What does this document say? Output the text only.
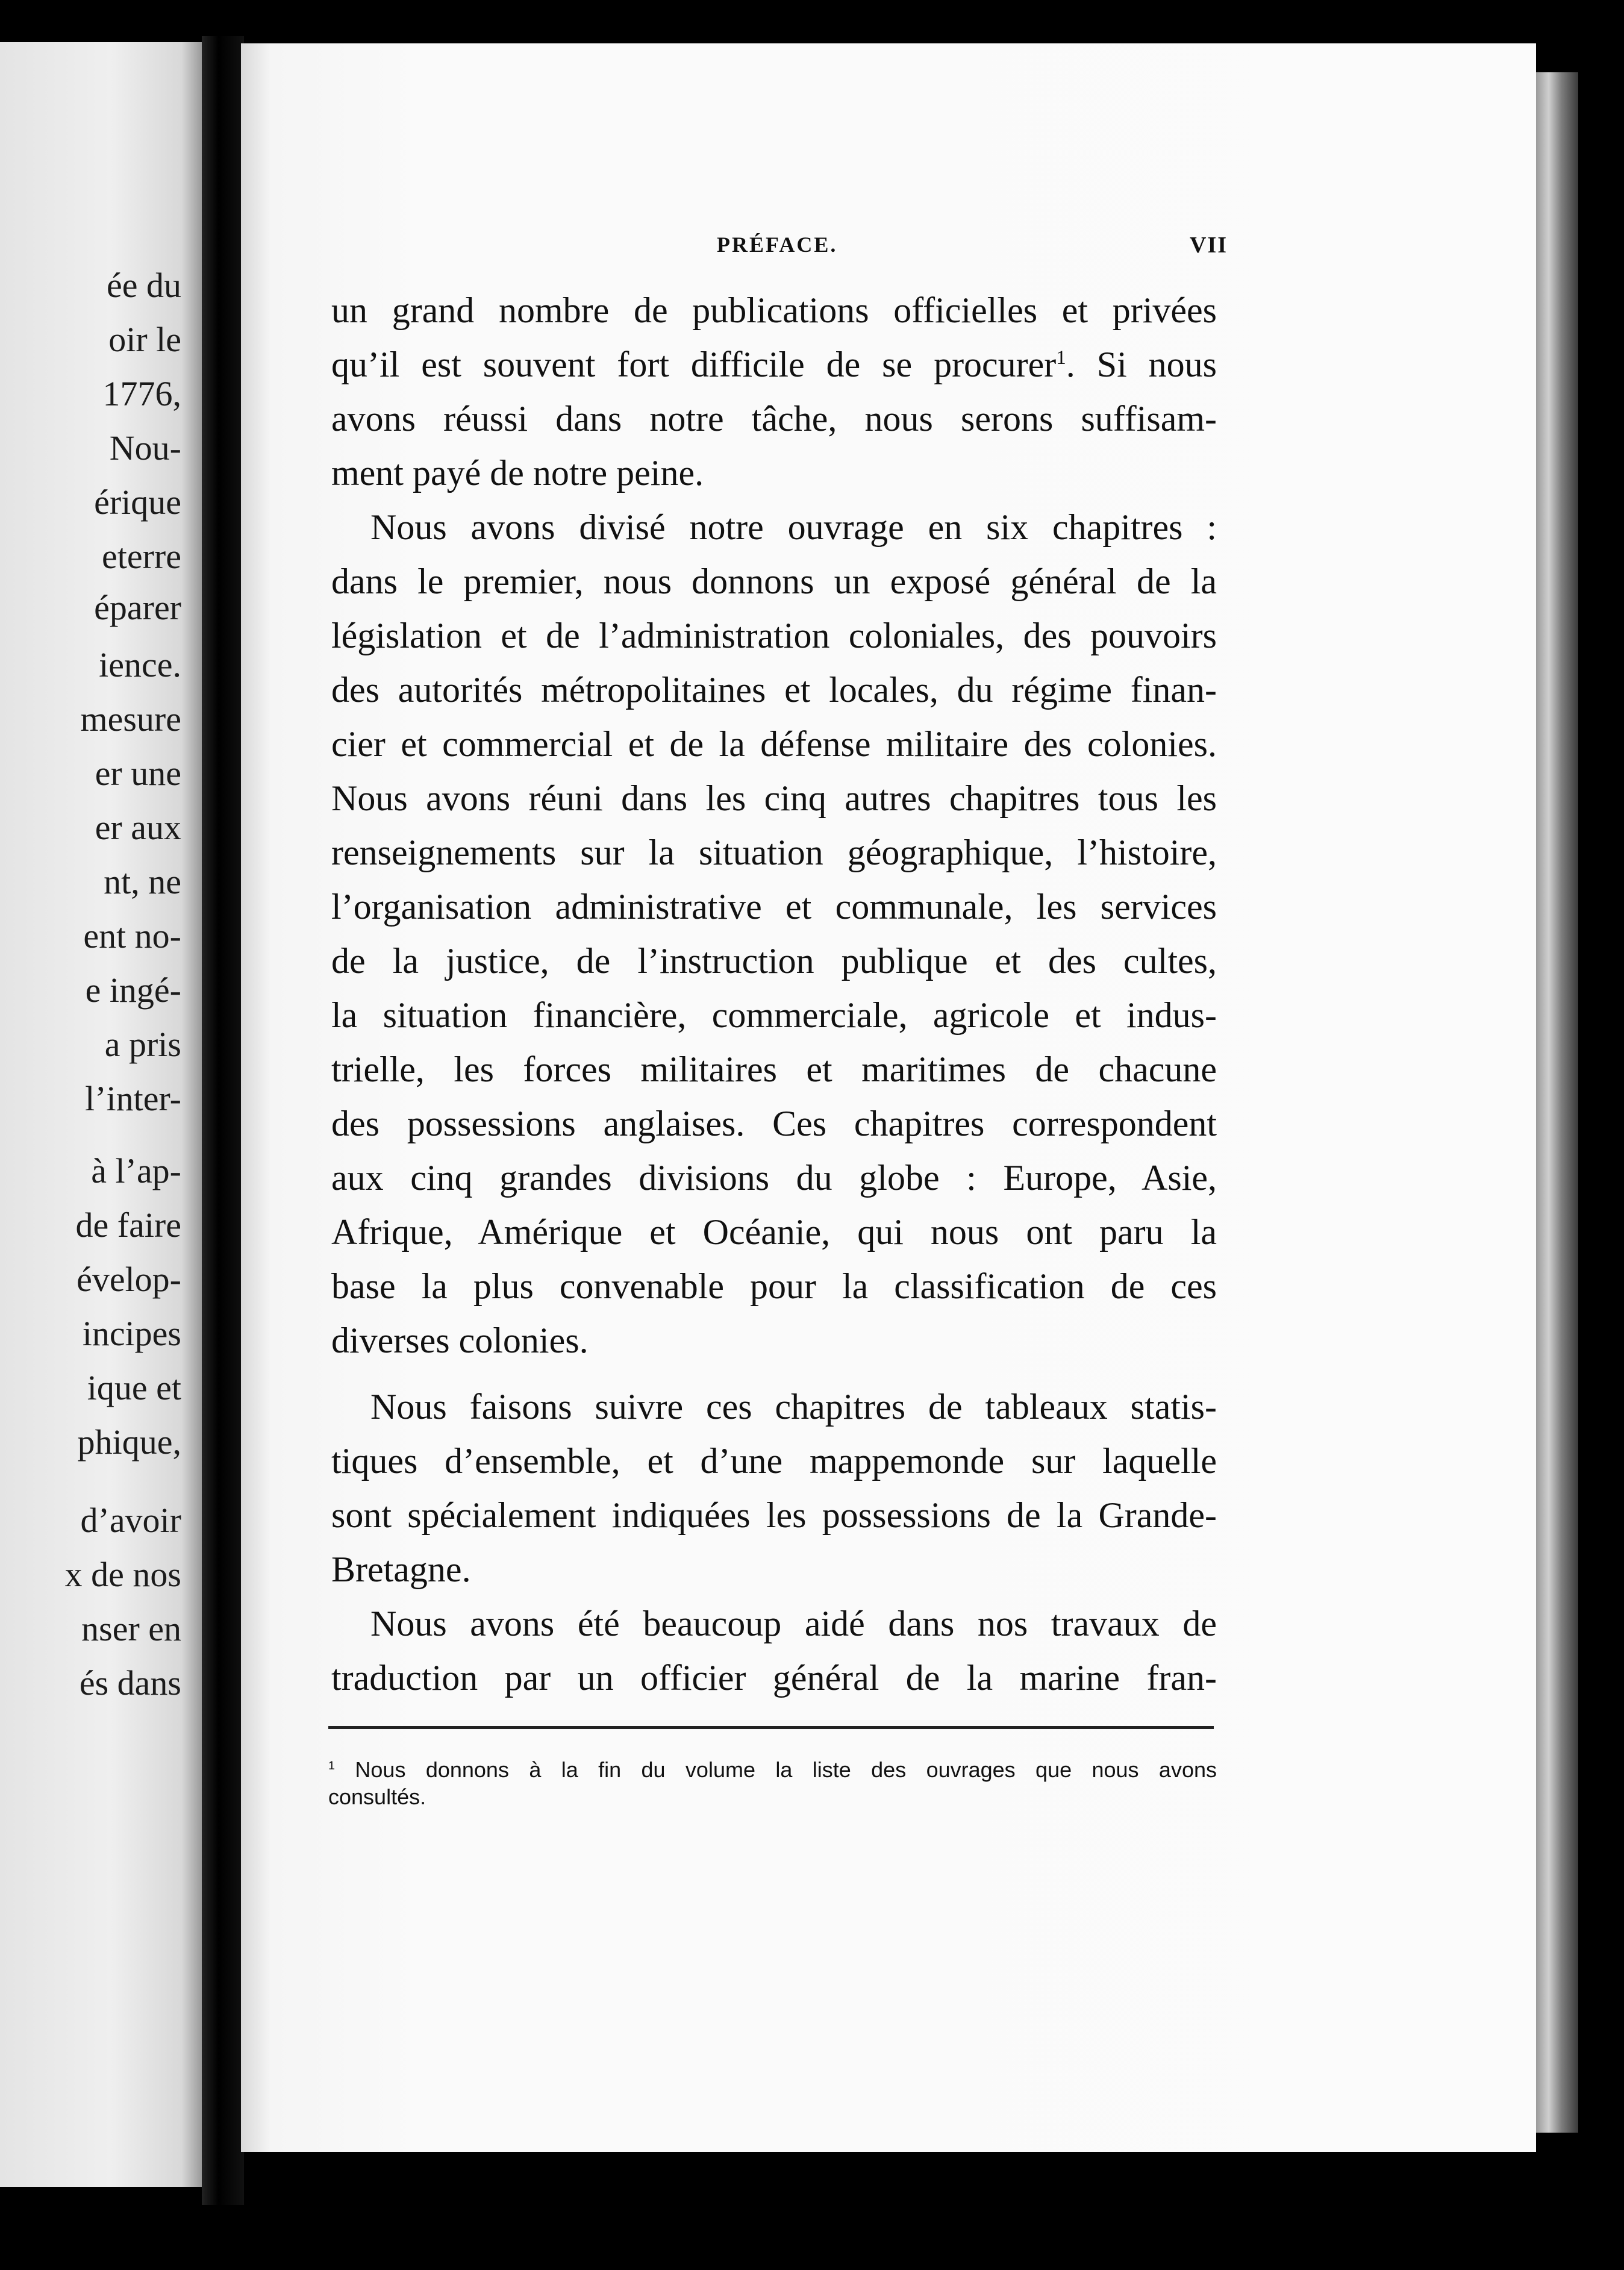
ée du
oir le
1776,
Nou-
érique
eterre
éparer
ience.
mesure
er une
er aux
nt, ne
ent no-
e ingé-
a pris
l’inter-
à l’ap-
de faire
évelop-
incipes
ique et
phique,
d’avoir
x de nos
nser en
és dans
PRÉFACE.	VII
un grand nombre de publications officielles et privées
qu’il est souvent fort difficile de se procurer$^1$. Si nous
avons réussi dans notre tâche, nous serons suffisam-
ment payé de notre peine.
Nous avons divisé notre ouvrage en six chapitres :
dans le premier, nous donnons un exposé général de la
législation et de l’administration coloniales, des pouvoirs
des autorités métropolitaines et locales, du régime finan-
cier et commercial et de la défense militaire des colonies.
Nous avons réuni dans les cinq autres chapitres tous les
renseignements sur la situation géographique, l’histoire,
l’organisation administrative et communale, les services
de la justice, de l’instruction publique et des cultes,
la situation financière, commerciale, agricole et indus-
trielle, les forces militaires et maritimes de chacune
des possessions anglaises. Ces chapitres correspondent
aux cinq grandes divisions du globe : Europe, Asie,
Afrique, Amérique et Océanie, qui nous ont paru la
base la plus convenable pour la classification de ces
diverses colonies.
Nous faisons suivre ces chapitres de tableaux statis-
tiques d’ensemble, et d’une mappemonde sur laquelle
sont spécialement indiquées les possessions de la Grande-
Bretagne.
Nous avons été beaucoup aidé dans nos travaux de
traduction par un officier général de la marine fran-
$^1$ Nous donnons à la fin du volume la liste des ouvrages que nous avons
consultés.
